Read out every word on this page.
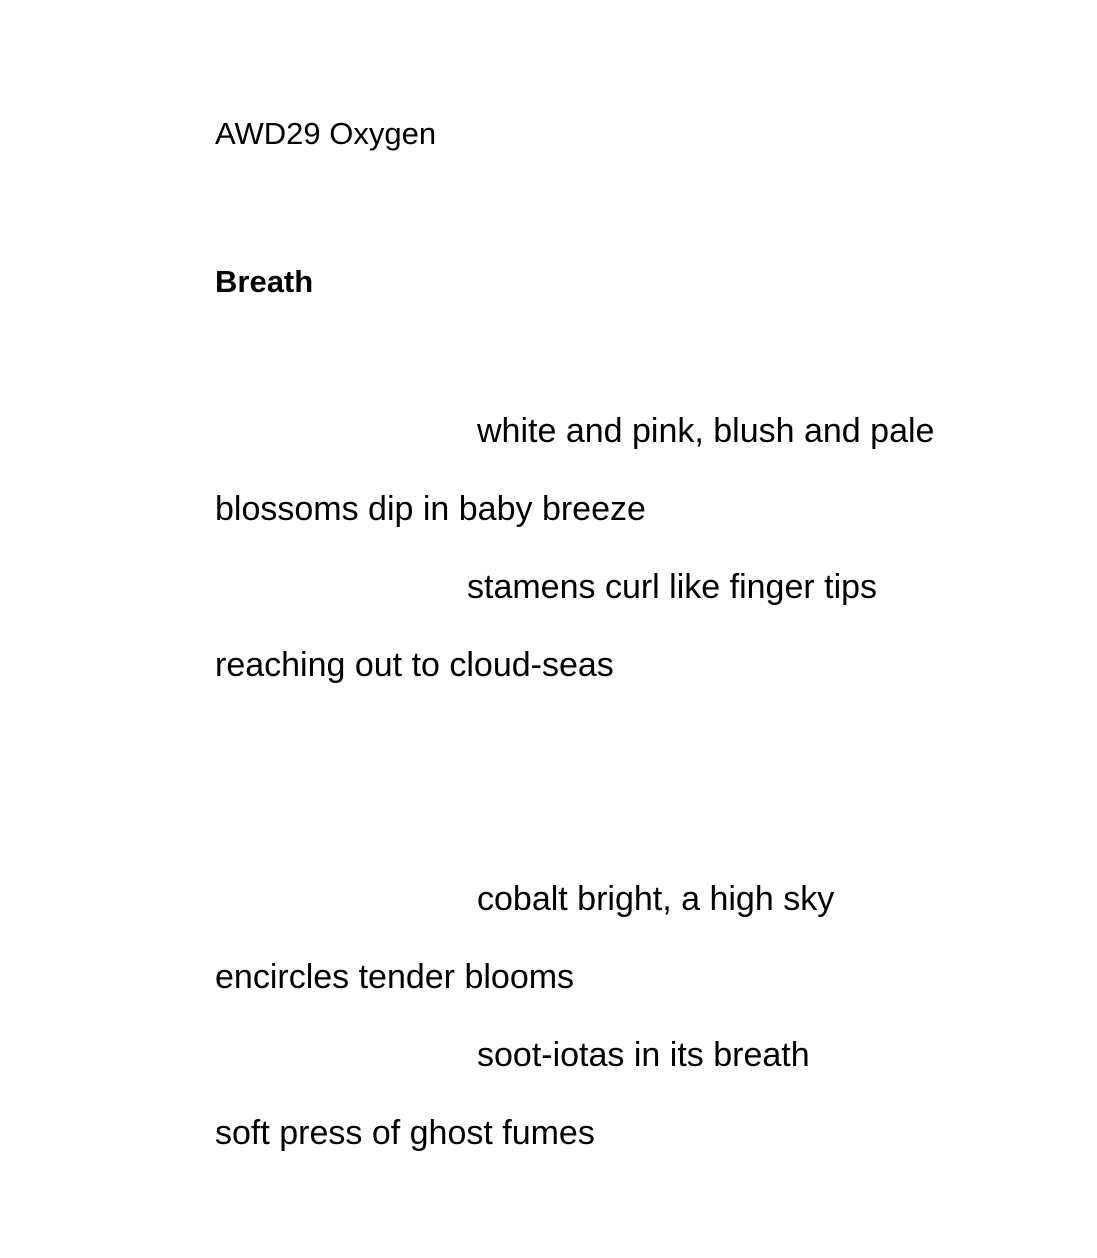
AWD29 Oxygen
Breath
white and pink, blush and pale
blossoms dip in baby breeze
stamens curl like finger tips
reaching out to cloud-seas
cobalt bright, a high sky
encircles tender blooms
soot-iotas in its breath
soft press of ghost fumes
